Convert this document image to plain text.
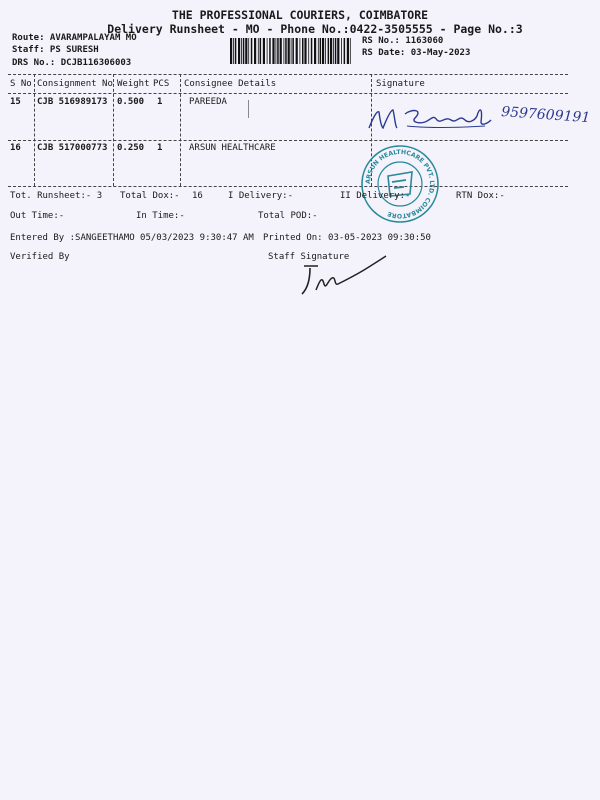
THE PROFESSIONAL COURIERS, COIMBATORE
Delivery Runsheet - MO - Phone No.:0422-3505555 - Page No.:3
Route: AVARAMPALAYAM MO
Staff: PS SURESH
DRS No.: DCJB116306003
RS No.: 1163060
RS Date: 03-May-2023
S No Consignment No Weight PCS Consignee Details	Signature
15 CJB 516989173 0.500 1	PAREEDA
16 CJB 517000773 0.250 1	ARSUN HEALTHCARE
9597609191
ARSUN HEALTHCARE PVT. LTD. COIMBATORE
Tot. Runsheet:- 3 Total Dox:- 16	I Delivery:-	II Delivery:-	RTN Dox:-
Out Time:-	In Time:-	Total POD:-
Entered By :SANGEETHAMO 05/03/2023 9:30:47 AM Printed On: 03-05-2023 09:30:50
Verified By	Staff Signature
